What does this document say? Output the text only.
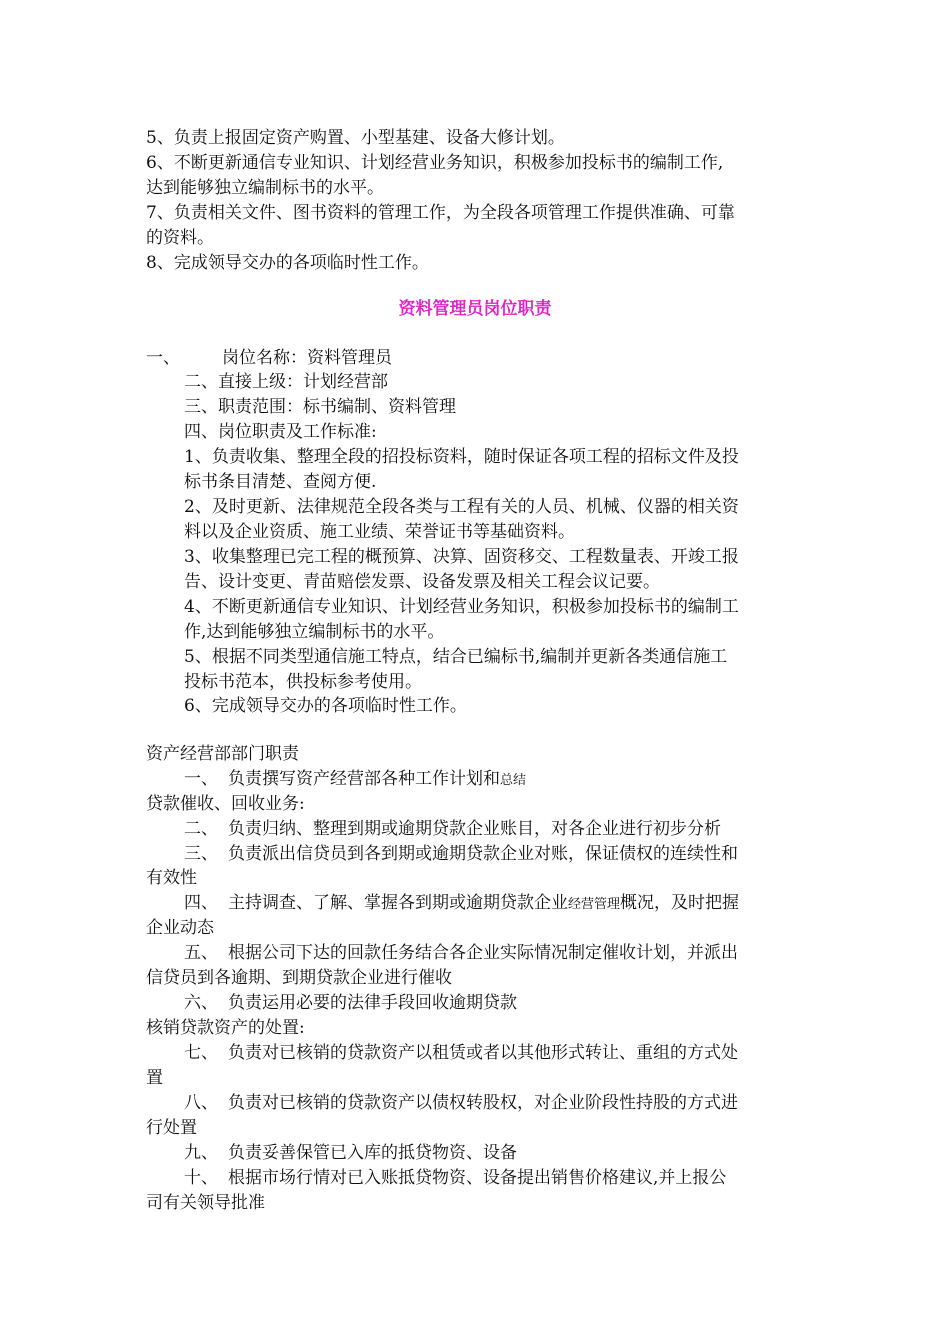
5、负责上报固定资产购置、小型基建、设备大修计划。
6、不断更新通信专业知识、计划经营业务知识，积极参加投标书的编制工作,
达到能够独立编制标书的水平。
7、负责相关文件、图书资料的管理工作，为全段各项管理工作提供准确、可靠
的资料。
8、完成领导交办的各项临时性工作。
资料管理员岗位职责
一、 岗位名称：资料管理员
二、直接上级：计划经营部
三、职责范围：标书编制、资料管理
四、岗位职责及工作标准:
1、负责收集、整理全段的招投标资料，随时保证各项工程的招标文件及投
标书条目清楚、查阅方便.
2、及时更新、法律规范全段各类与工程有关的人员、机械、仪器的相关资
料以及企业资质、施工业绩、荣誉证书等基础资料。
3、收集整理已完工程的概预算、决算、固资移交、工程数量表、开竣工报
告、设计变更、青苗赔偿发票、设备发票及相关工程会议记要。
4、不断更新通信专业知识、计划经营业务知识，积极参加投标书的编制工
作,达到能够独立编制标书的水平。
5、根据不同类型通信施工特点，结合已编标书,编制并更新各类通信施工
投标书范本，供投标参考使用。
6、完成领导交办的各项临时性工作。
资产经营部部门职责
一、 负责撰写资产经营部各种工作计划和总结
贷款催收、回收业务:
二、 负责归纳、整理到期或逾期贷款企业账目，对各企业进行初步分析
三、 负责派出信贷员到各到期或逾期贷款企业对账，保证债权的连续性和
有效性
四、 主持调查、了解、掌握各到期或逾期贷款企业经营管理概况，及时把握
企业动态
五、 根据公司下达的回款任务结合各企业实际情况制定催收计划，并派出
信贷员到各逾期、到期贷款企业进行催收
六、 负责运用必要的法律手段回收逾期贷款
核销贷款资产的处置:
七、 负责对已核销的贷款资产以租赁或者以其他形式转让、重组的方式处
置
八、 负责对已核销的贷款资产以债权转股权，对企业阶段性持股的方式进
行处置
九、 负责妥善保管已入库的抵贷物资、设备
十、 根据市场行情对已入账抵贷物资、设备提出销售价格建议,并上报公
司有关领导批准
